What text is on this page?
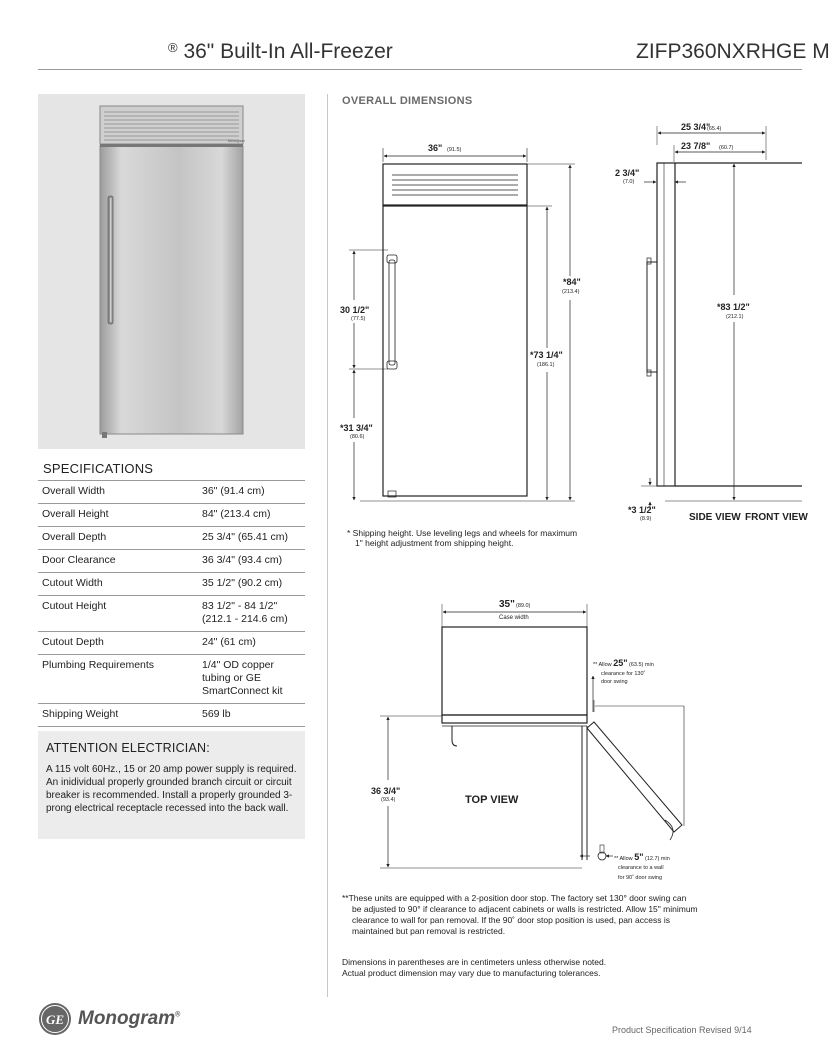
® 36" Built-In All-Freezer	ZIFP360NXRHGE M
Monogram
SPECIFICATIONS
Overall Width	36" (91.4 cm)
Overall Height	84" (213.4 cm)
Overall Depth	25 3/4" (65.41 cm)
Door Clearance	36 3/4" (93.4 cm)
Cutout Width	35 1/2" (90.2 cm)
Cutout Height	83 1/2" - 84 1/2" (212.1 - 214.6 cm)
Cutout Depth	24" (61 cm)
Plumbing Requirements	1/4" OD copper tubing or GE SmartConnect kit
Shipping Weight	569 lb
ATTENTION ELECTRICIAN:
A 115 volt 60Hz., 15 or 20 amp power supply is required. An inidividual properly grounded branch circuit or circuit breaker is recommended. Install a properly grounded 3-prong electrical receptacle recessed into the back wall.
OVERALL DIMENSIONS
36" (91.5)
30 1/2"
(77.5)
*31 3/4"
(80.6)
*84"
(213.4)
*73 1/4"
(186.1)
25 3/4"
(65.4)
23 7/8" (60.7)
2 3/4"
(7.0)
*83 1/2"
(212.1)
*3 1/2"
(8.9)	SIDE VIEW FRONT VIEW
35" (89.0)
Case width
TOP VIEW
36 3/4"
(93.4)
** Allow 25" (63.5) min
clearance for 130˚
door swing
** Allow 5" (12.7) min
clearance to a wall
for 90˚ door swing
* Shipping height. Use leveling legs and wheels for maximum
1" height adjustment from shipping height.
**These units are equipped with a 2-position door stop. The factory set 130° door swing can
be adjusted to 90° if clearance to adjacent cabinets or walls is restricted. Allow 15" minimum
clearance to wall for pan removal. If the 90˚ door stop position is used, pan access is
maintained but pan removal is restricted.
Dimensions in parentheses are in centimeters unless otherwise noted.
Actual product dimension may vary due to manufacturing tolerances.
GE Monogram®
Product Specification Revised 9/14
